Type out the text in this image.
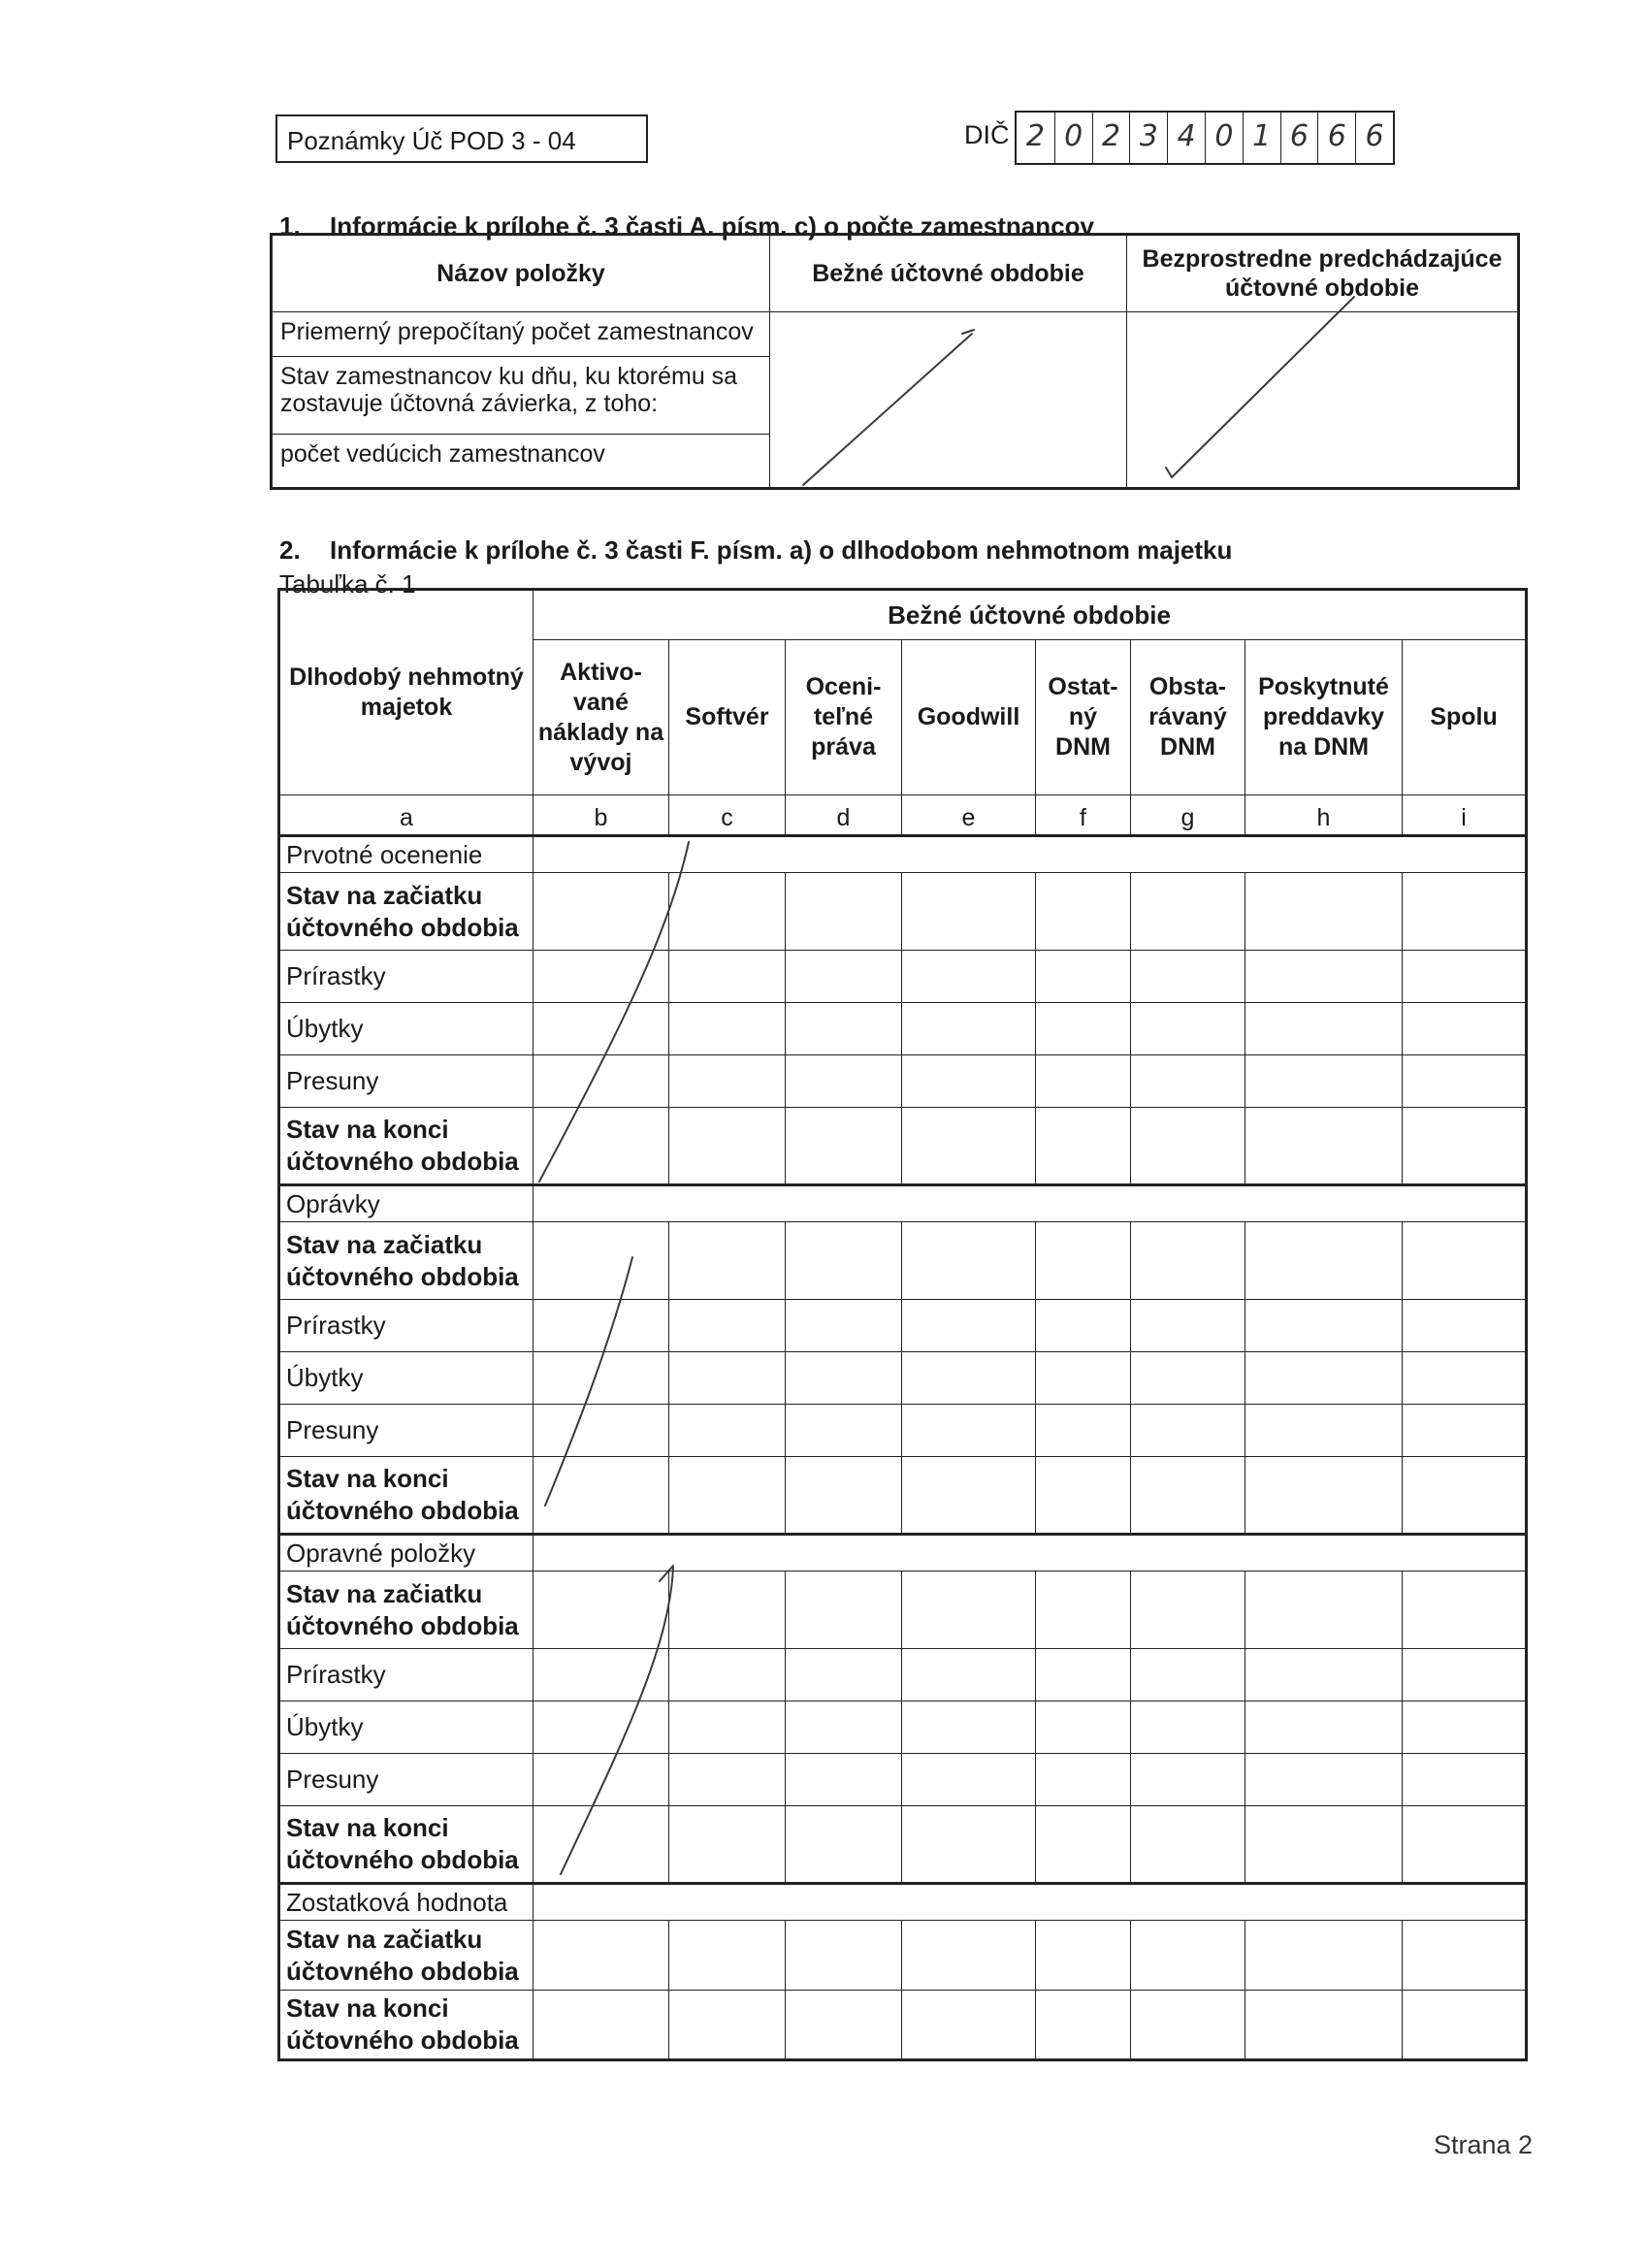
Poznámky Úč POD 3 - 04	DIČ 2 0 2 3 4 0 1 6 6 6
1. Informácie k prílohe č. 3 časti A. písm. c) o počte zamestnancov
Názov položky	Bežné účtovné obdobie	Bezprostredne predchádzajúce účtovné obdobie
Priemerný prepočítaný počet zamestnancov		
Stav zamestnancov ku dňu, ku ktorému sa zostavuje účtovná závierka, z toho:		
počet vedúcich zamestnancov		
2. Informácie k prílohe č. 3 časti F. písm. a) o dlhodobom nehmotnom majetku
Tabuľka č. 1
Dlhodobý nehmotný majetok	Bežné účtovné obdobie							
	Aktivo-vané náklady na vývoj	Softvér	Oceni-teľné práva	Goodwill	Ostat-ný DNM	Obsta-rávaný DNM	Poskytnuté preddavky na DNM	Spolu
a	b	c	d	e	f	g	h	i
Prvotné ocenenie								
Stav na začiatku účtovného obdobia								
Prírastky								
Úbytky								
Presuny								
Stav na konci účtovného obdobia								
Oprávky								
Stav na začiatku účtovného obdobia								
Prírastky								
Úbytky								
Presuny								
Stav na konci účtovného obdobia								
Opravné položky								
Stav na začiatku účtovného obdobia								
Prírastky								
Úbytky								
Presuny								
Stav na konci účtovného obdobia								
Zostatková hodnota								
Stav na začiatku účtovného obdobia								
Stav na konci účtovného obdobia								
Strana 2
